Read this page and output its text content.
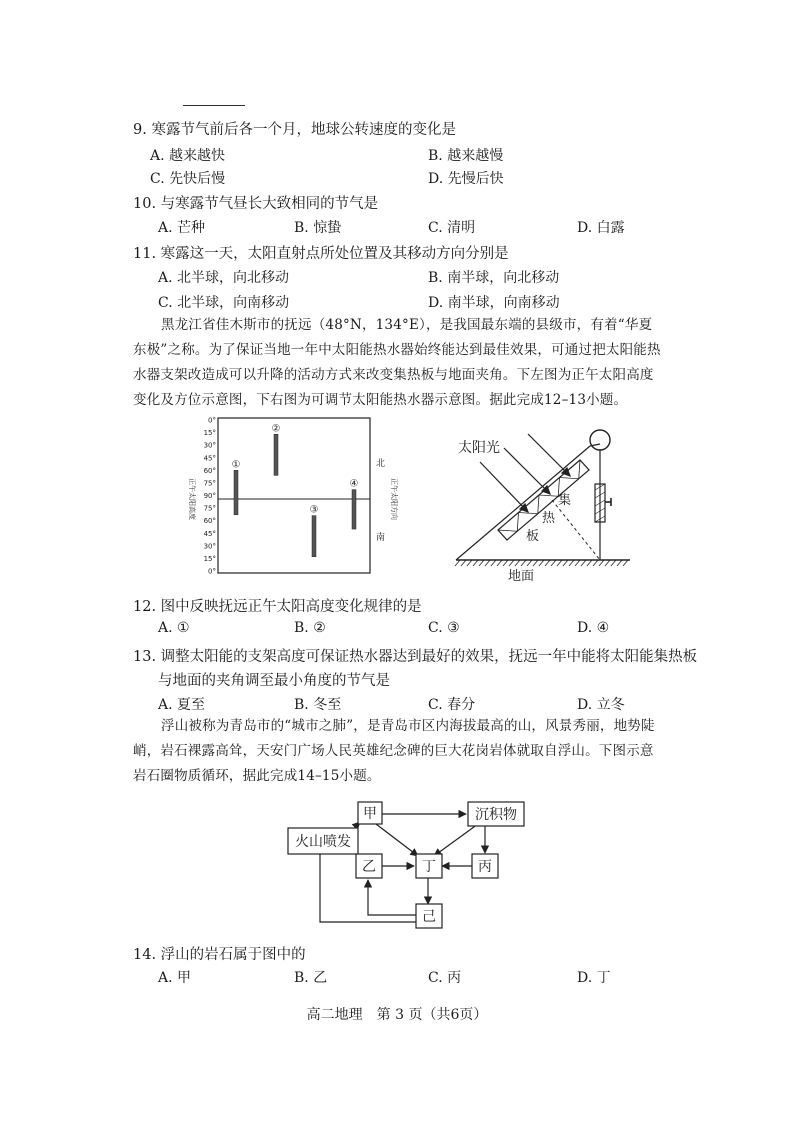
9. 寒露节气前后各一个月，地球公转速度的变化是
A. 越来越快	B. 越来越慢
C. 先快后慢	D. 先慢后快
10. 与寒露节气昼长大致相同的节气是
A. 芒种	B. 惊蛰	C. 清明	D. 白露
11. 寒露这一天，太阳直射点所处位置及其移动方向分别是
A. 北半球，向北移动	B. 南半球，向北移动
C. 北半球，向南移动	D. 南半球，向南移动
黑龙江省佳木斯市的抚远（48°N，134°E），是我国最东端的县级市，有着“华夏东极”之称。为了保证当地一年中太阳能热水器始终能达到最佳效果，可通过把太阳能热水器支架改造成可以升降的活动方式来改变集热板与地面夹角。下左图为正午太阳高度变化及方位示意图，下右图为可调节太阳能热水器示意图。据此完成12–13小题。
0°
15°
30°
45°
60°
75°
90°
75°
60°
45°
30°
15°
0°
正午太阳高度	正午太阳方向
北
南
①
②
③
④
太阳光
集
热
板
地面
12. 图中反映抚远正午太阳高度变化规律的是
A. ①	B. ②	C. ③	D. ④
13. 调整太阳能的支架高度可保证热水器达到最好的效果，抚远一年中能将太阳能集热板
与地面的夹角调至最小角度的节气是
A. 夏至	B. 冬至	C. 春分	D. 立冬
浮山被称为青岛市的“城市之肺”，是青岛市区内海拔最高的山，风景秀丽，地势陡峭，岩石裸露高耸，天安门广场人民英雄纪念碑的巨大花岗岩体就取自浮山。下图示意岩石圈物质循环，据此完成14–15小题。
甲
火山喷发
沉积物
乙	丁	丙
己
14. 浮山的岩石属于图中的
A. 甲	B. 乙	C. 丙	D. 丁
高二地理　第 3 页（共6页）
